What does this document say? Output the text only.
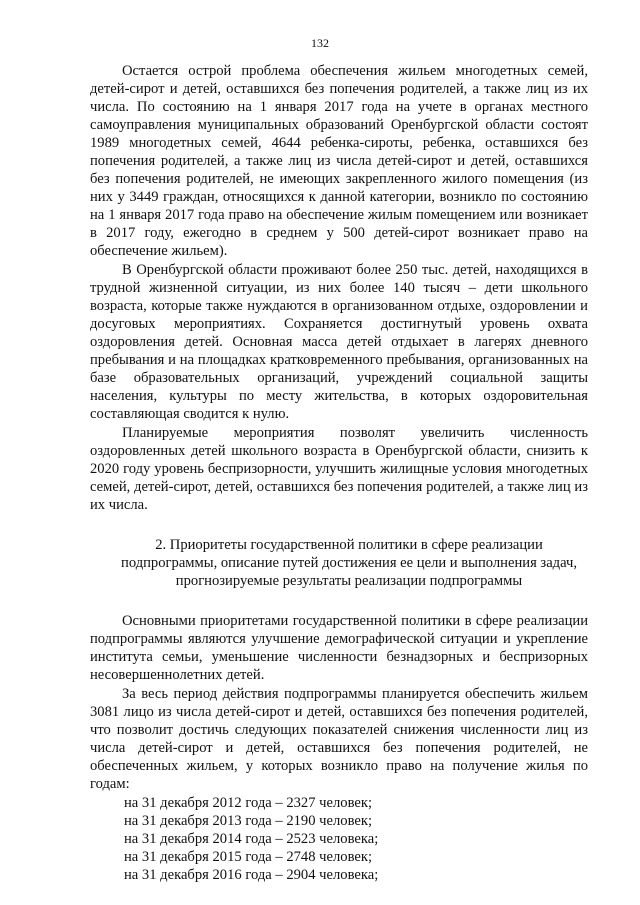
132

Остается острой проблема обеспечения жильем многодетных семей, детей-сирот и детей, оставшихся без попечения родителей, а также лиц из их числа. По состоянию на 1 января 2017 года на учете в органах местного самоуправления муниципальных образований Оренбургской области состоят 1989 многодетных семей, 4644 ребенка-сироты, ребенка, оставшихся без попечения родителей, а также лиц из числа детей-сирот и детей, оставшихся без попечения родителей, не имеющих закрепленного жилого помещения (из них у 3449 граждан, относящихся к данной категории, возникло по состоянию на 1 января 2017 года право на обеспечение жилым помещением или возникает в 2017 году, ежегодно в среднем у 500 детей-сирот возникает право на обеспечение жильем).

В Оренбургской области проживают более 250 тыс. детей, находящихся в трудной жизненной ситуации, из них более 140 тысяч – дети школьного возраста, которые также нуждаются в организованном отдыхе, оздоровлении и досуговых мероприятиях. Сохраняется достигнутый уровень охвата оздоровления детей. Основная масса детей отдыхает в лагерях дневного пребывания и на площадках кратковременного пребывания, организованных на базе образовательных организаций, учреждений социальной защиты населения, культуры по месту жительства, в которых оздоровительная составляющая сводится к нулю.

Планируемые мероприятия позволят увеличить численность оздоровленных детей школьного возраста в Оренбургской области, снизить к 2020 году уровень беспризорности, улучшить жилищные условия многодетных семей, детей-сирот, детей, оставшихся без попечения родителей, а также лиц из их числа.

2. Приоритеты государственной политики в сфере реализации
подпрограммы, описание путей достижения ее цели и выполнения задач, прогнозируемые результаты реализации подпрограммы

Основными приоритетами государственной политики в сфере реализации подпрограммы являются улучшение демографической ситуации и укрепление института семьи, уменьшение численности безнадзорных и беспризорных несовершеннолетних детей.

За весь период действия подпрограммы планируется обеспечить жильем 3081 лицо из числа детей-сирот и детей, оставшихся без попечения родителей, что позволит достичь следующих показателей снижения численности лиц из числа детей-сирот и детей, оставшихся без попечения родителей, не обеспеченных жильем, у которых возникло право на получение жилья по годам:

на 31 декабря 2012 года – 2327 человек;
на 31 декабря 2013 года – 2190 человек;
на 31 декабря 2014 года – 2523 человека;
на 31 декабря 2015 года – 2748 человек;
на 31 декабря 2016 года – 2904 человека;
